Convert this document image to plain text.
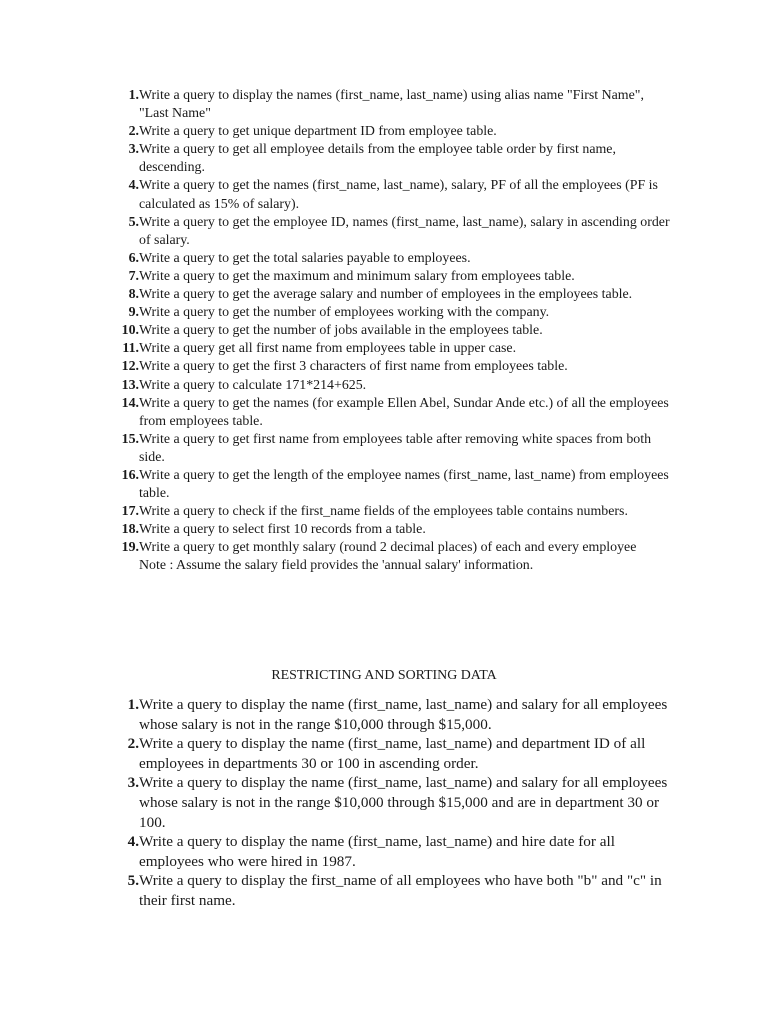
1. Write a query to display the names (first_name, last_name) using alias name "First Name", "Last Name"
2. Write a query to get unique department ID from employee table.
3. Write a query to get all employee details from the employee table order by first name, descending.
4. Write a query to get the names (first_name, last_name), salary, PF of all the employees (PF is calculated as 15% of salary).
5. Write a query to get the employee ID, names (first_name, last_name), salary in ascending order of salary.
6. Write a query to get the total salaries payable to employees.
7. Write a query to get the maximum and minimum salary from employees table.
8. Write a query to get the average salary and number of employees in the employees table.
9. Write a query to get the number of employees working with the company.
10. Write a query to get the number of jobs available in the employees table.
11. Write a query get all first name from employees table in upper case.
12. Write a query to get the first 3 characters of first name from employees table.
13. Write a query to calculate 171*214+625.
14. Write a query to get the names (for example Ellen Abel, Sundar Ande etc.) of all the employees from employees table.
15. Write a query to get first name from employees table after removing white spaces from both side.
16. Write a query to get the length of the employee names (first_name, last_name) from employees table.
17. Write a query to check if the first_name fields of the employees table contains numbers.
18. Write a query to select first 10 records from a table.
19. Write a query to get monthly salary (round 2 decimal places) of each and every employee
Note : Assume the salary field provides the 'annual salary' information.
RESTRICTING AND SORTING DATA
1. Write a query to display the name (first_name, last_name) and salary for all employees whose salary is not in the range $10,000 through $15,000.
2. Write a query to display the name (first_name, last_name) and department ID of all employees in departments 30 or 100 in ascending order.
3. Write a query to display the name (first_name, last_name) and salary for all employees whose salary is not in the range $10,000 through $15,000 and are in department 30 or 100.
4. Write a query to display the name (first_name, last_name) and hire date for all employees who were hired in 1987.
5. Write a query to display the first_name of all employees who have both "b" and "c" in their first name.
